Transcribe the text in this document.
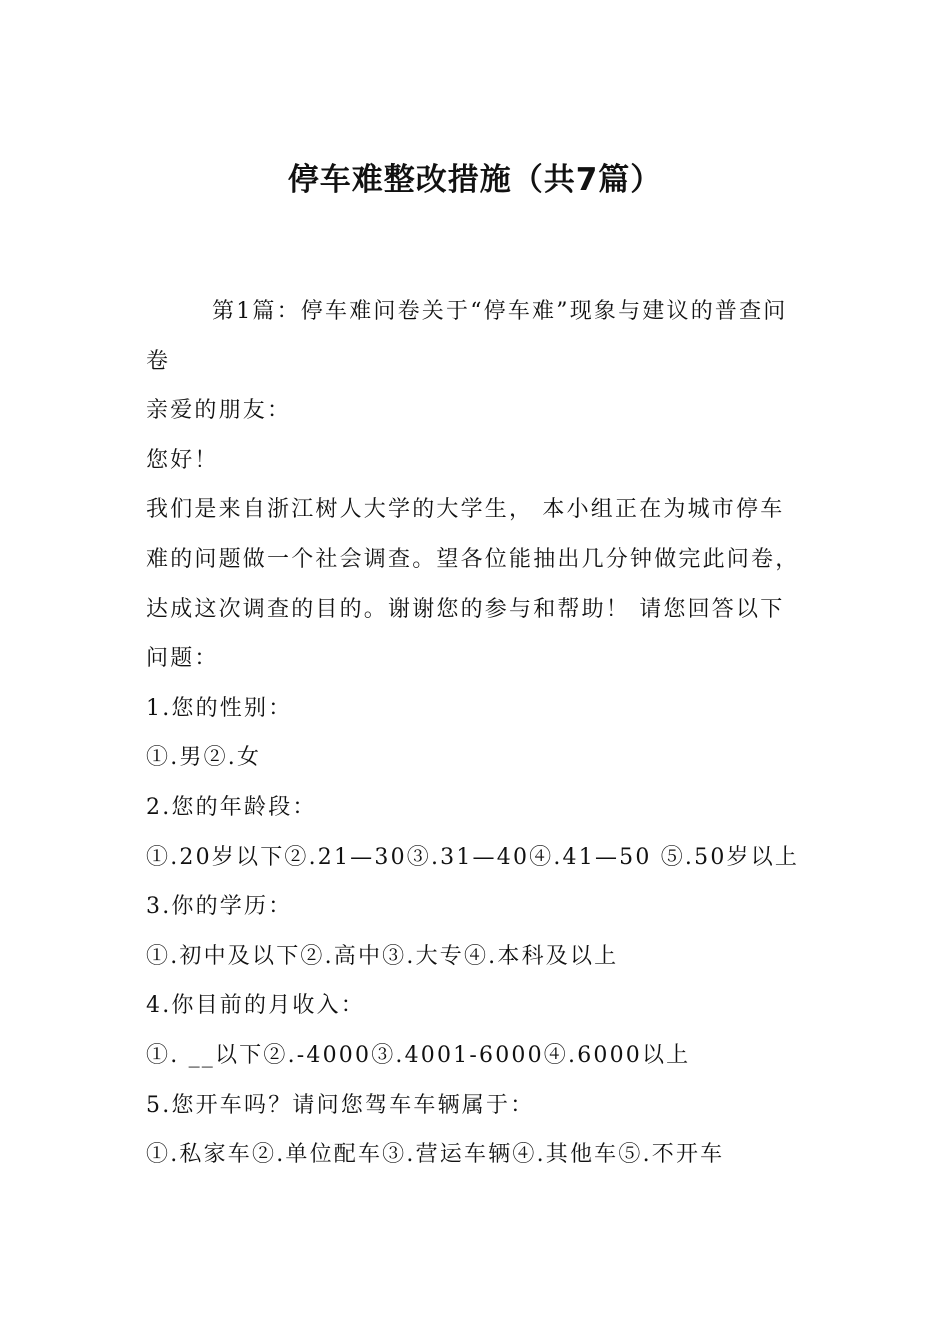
停车难整改措施（共7篇）

第1篇：停车难问卷关于“停车难”现象与建议的普查问卷

亲爱的朋友：

您好！

我们是来自浙江树人大学的大学生， 本小组正在为城市停车难的问题做一个社会调查。望各位能抽出几分钟做完此问卷，达成这次调查的目的。谢谢您的参与和帮助！ 请您回答以下问题：

1.您的性别：

①.男②.女

2.您的年龄段：

①.20岁以下②.21—30③.31—40④.41—50 ⑤.50岁以上

3.你的学历：

①.初中及以下②.高中③.大专④.本科及以上

4.你目前的月收入：

①. __以下②.-4000③.4001-6000④.6000以上

5.您开车吗？请问您驾车车辆属于：

①.私家车②.单位配车③.营运车辆④.其他车⑤.不开车
